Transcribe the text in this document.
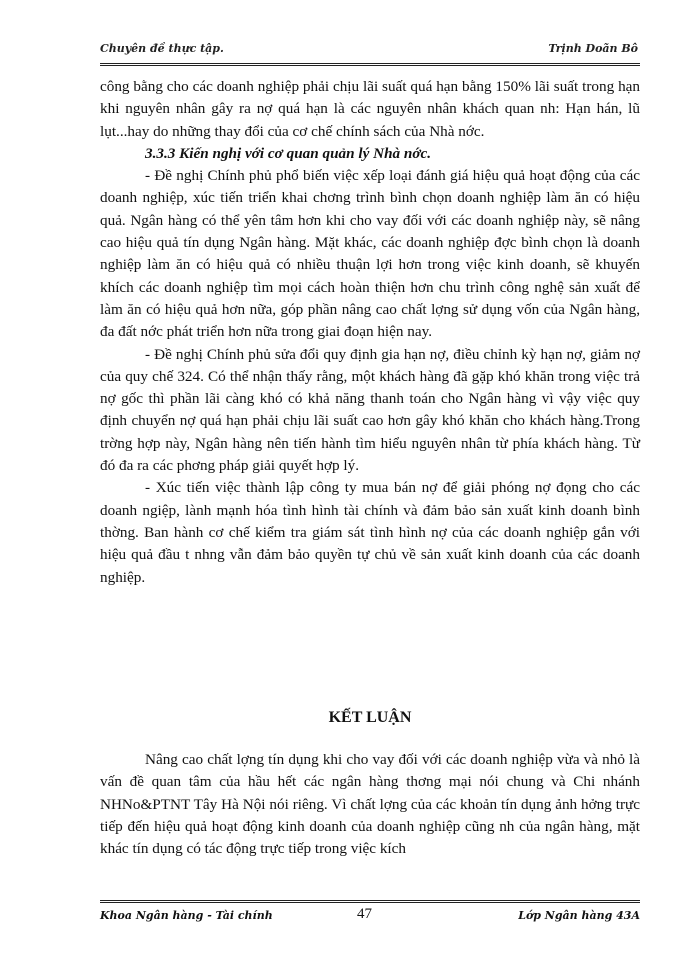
Chuyên đề thực tập.	Trịnh Doãn Bô

công bằng cho các doanh nghiệp phải chịu lãi suất quá hạn bằng 150% lãi suất trong hạn khi nguyên nhân gây ra nợ quá hạn là các nguyên nhân khách quan nh: Hạn hán, lũ lụt...hay do những thay đổi của cơ chế chính sách của Nhà nớc.

3.3.3 Kiến nghị với cơ quan quản lý Nhà nớc.

- Đề nghị Chính phủ phổ biến việc xếp loại đánh giá hiệu quả hoạt động của các doanh nghiệp, xúc tiến triển khai chơng trình bình chọn doanh nghiệp làm ăn có hiệu quả. Ngân hàng có thể yên tâm hơn khi cho vay đối với các doanh nghiệp này, sẽ nâng cao hiệu quả tín dụng Ngân hàng. Mặt khác, các doanh nghiệp đợc bình chọn là doanh nghiệp làm ăn có hiệu quả có nhiều thuận lợi hơn trong việc kinh doanh, sẽ khuyến khích các doanh nghiệp tìm mọi cách hoàn thiện hơn chu trình công nghệ sản xuất để làm ăn có hiệu quả hơn nữa, góp phần nâng cao chất lợng sử dụng vốn của Ngân hàng, đa đất nớc phát triển hơn nữa trong giai đoạn hiện nay.

- Đề nghị Chính phủ sửa đổi quy định gia hạn nợ, điều chỉnh kỳ hạn nợ, giảm nợ của quy chế 324. Có thể nhận thấy rằng, một khách hàng đã gặp khó khăn trong việc trả nợ gốc thì phần lãi càng khó có khả năng thanh toán cho Ngân hàng vì vậy việc quy định chuyển nợ quá hạn phải chịu lãi suất cao hơn gây khó khăn cho khách hàng.Trong trờng hợp này, Ngân hàng nên tiến hành tìm hiểu nguyên nhân từ phía khách hàng. Từ đó đa ra các phơng pháp giải quyết hợp lý.

- Xúc tiến việc thành lập công ty mua bán nợ để giải phóng nợ đọng cho các doanh ngiệp, lành mạnh hóa tình hình tài chính và đảm bảo sản xuất kinh doanh bình thờng. Ban hành cơ chế kiểm tra giám sát tình hình nợ của các doanh nghiệp gắn với hiệu quả đầu t nhng vẫn đảm bảo quyền tự chủ về sản xuất kinh doanh của các doanh nghiệp.

KẾT LUẬN

Nâng cao chất lợng tín dụng khi cho vay đối với các doanh nghiệp vừa và nhỏ là vấn đề quan tâm của hầu hết các ngân hàng thơng mại nói chung và Chi nhánh NHNo&PTNT Tây Hà Nội nói riêng. Vì chất lợng của các khoản tín dụng ảnh hởng trực tiếp đến hiệu quả hoạt động kinh doanh của doanh nghiệp cũng nh của ngân hàng, mặt khác tín dụng có tác động trực tiếp trong việc kích

Khoa Ngân hàng - Tài chính	47	Lớp Ngân hàng 43A
